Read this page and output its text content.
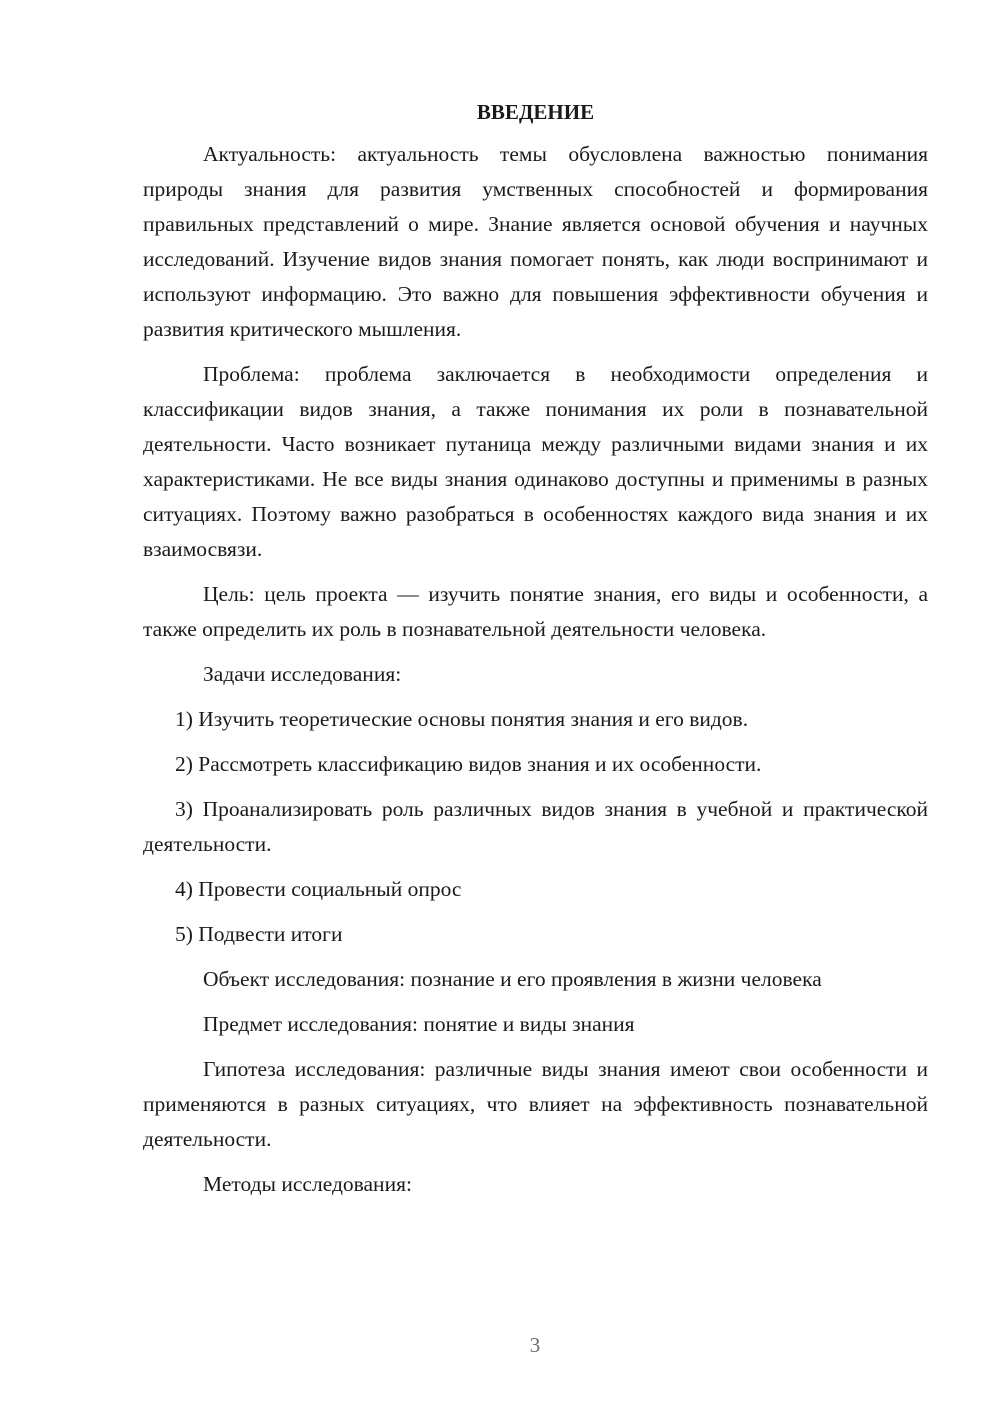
ВВЕДЕНИЕ

Актуальность: актуальность темы обусловлена важностью понимания природы знания для развития умственных способностей и формирования правильных представлений о мире. Знание является основой обучения и научных исследований. Изучение видов знания помогает понять, как люди воспринимают и используют информацию. Это важно для повышения эффективности обучения и развития критического мышления.

Проблема: проблема заключается в необходимости определения и классификации видов знания, а также понимания их роли в познавательной деятельности. Часто возникает путаница между различными видами знания и их характеристиками. Не все виды знания одинаково доступны и применимы в разных ситуациях. Поэтому важно разобраться в особенностях каждого вида знания и их взаимосвязи.

Цель: цель проекта — изучить понятие знания, его виды и особенности, а также определить их роль в познавательной деятельности человека.

Задачи исследования:

1) Изучить теоретические основы понятия знания и его видов.

2) Рассмотреть классификацию видов знания и их особенности.

3) Проанализировать роль различных видов знания в учебной и практической деятельности.

4) Провести социальный опрос

5) Подвести итоги

Объект исследования: познание и его проявления в жизни человека

Предмет исследования: понятие и виды знания

Гипотеза исследования: различные виды знания имеют свои особенности и применяются в разных ситуациях, что влияет на эффективность познавательной деятельности.

Методы исследования:

3
